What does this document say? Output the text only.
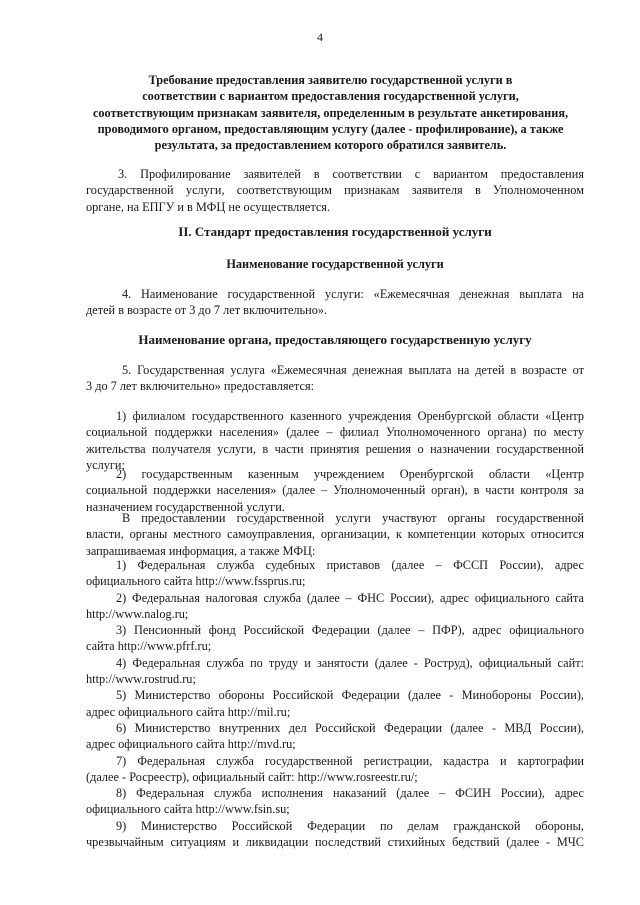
4
Требование предоставления заявителю государственной услуги в
соответствии с вариантом предоставления государственной услуги,
соответствующим признакам заявителя, определенным в результате анкетирования,
проводимого органом, предоставляющим услугу (далее - профилирование), а также
результата, за предоставлением которого обратился заявитель.
3. Профилирование заявителей в соответствии с вариантом предоставления
государственной услуги, соответствующим признакам заявителя в Уполномоченном
органе, на ЕПГУ и в МФЦ не осуществляется.
II. Стандарт предоставления государственной услуги
Наименование государственной услуги
4. Наименование государственной услуги: «Ежемесячная денежная выплата на
детей в возрасте от 3 до 7 лет включительно».
Наименование органа, предоставляющего государственную услугу
5. Государственная услуга «Ежемесячная денежная выплата на детей в возрасте от
3 до 7 лет включительно» предоставляется:
1) филиалом государственного казенного учреждения Оренбургской области «Центр
социальной поддержки населения» (далее – филиал Уполномоченного органа) по месту
жительства получателя услуги, в части принятия решения о назначении государственной
услуги;
2) государственным казенным учреждением Оренбургской области «Центр
социальной поддержки населения» (далее – Уполномоченный орган), в части контроля за
назначением государственной услуги.
В предоставлении государственной услуги участвуют органы государственной
власти, органы местного самоуправления, организации, к компетенции которых относится
запрашиваемая информация, а также МФЦ:
1) Федеральная служба судебных приставов (далее – ФССП России), адрес
официального сайта http://www.fssprus.ru;
2) Федеральная налоговая служба (далее – ФНС России), адрес официального сайта
http://www.nalog.ru;
3) Пенсионный фонд Российской Федерации (далее – ПФР), адрес официального
сайта http://www.pfrf.ru;
4) Федеральная служба по труду и занятости (далее - Роструд), официальный сайт:
http://www.rostrud.ru;
5) Министерство обороны Российской Федерации (далее - Минобороны России),
адрес официального сайта http://mil.ru;
6) Министерство внутренних дел Российской Федерации (далее - МВД России),
адрес официального сайта http://mvd.ru;
7) Федеральная служба государственной регистрации, кадастра и картографии
(далее - Росреестр), официальный сайт: http://www.rosreestr.ru/;
8) Федеральная служба исполнения наказаний (далее – ФСИН России), адрес
официального сайта http://www.fsin.su;
9) Министерство Российской Федерации по делам гражданской обороны,
чрезвычайным ситуациям и ликвидации последствий стихийных бедствий (далее - МЧС
